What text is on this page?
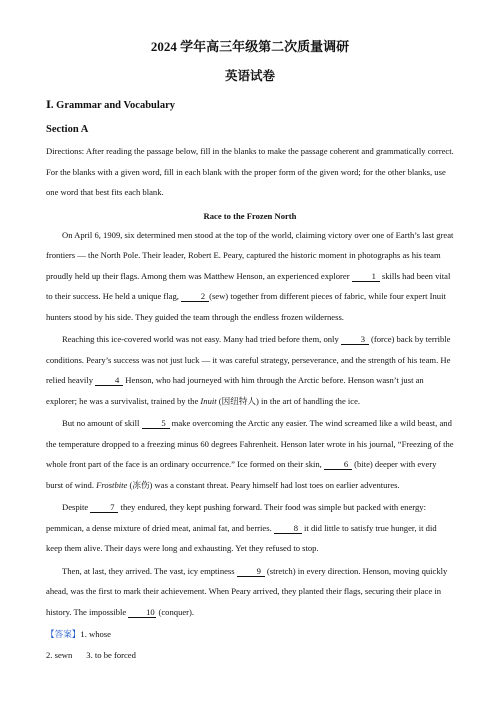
2024 学年高三年级第二次质量调研
英语试卷
Ⅰ. Grammar and Vocabulary
Section A
Directions: After reading the passage below, fill in the blanks to make the passage coherent and grammatically correct. For the blanks with a given word, fill in each blank with the proper form of the given word; for the other blanks, use one word that best fits each blank.
Race to the Frozen North

On April 6, 1909, six determined men stood at the top of the world, claiming victory over one of Earth’s last great frontiers — the North Pole. Their leader, Robert E. Peary, captured the historic moment in photographs as his team proudly held up their flags. Among them was Matthew Henson, an experienced explorer 1 skills had been vital to their success. He held a unique flag, 2 (sew) together from different pieces of fabric, while four expert Inuit hunters stood by his side. They guided the team through the endless frozen wilderness.

Reaching this ice-covered world was not easy. Many had tried before them, only 3 (force) back by terrible conditions. Peary’s success was not just luck — it was careful strategy, perseverance, and the strength of his team. He relied heavily 4 Henson, who had journeyed with him through the Arctic before. Henson wasn’t just an explorer; he was a survivalist, trained by the Inuit (因纽特人) in the art of handling the ice.

But no amount of skill 5 make overcoming the Arctic any easier. The wind screamed like a wild beast, and the temperature dropped to a freezing minus 60 degrees Fahrenheit. Henson later wrote in his journal, “Freezing of the whole front part of the face is an ordinary occurrence.” Ice formed on their skin, 6 (bite) deeper with every burst of wind. Frostbite (冻伤) was a constant threat. Peary himself had lost toes on earlier adventures.

Despite 7 they endured, they kept pushing forward. Their food was simple but packed with energy: pemmican, a dense mixture of dried meat, animal fat, and berries. 8 it did little to satisfy true hunger, it did keep them alive. Their days were long and exhausting. Yet they refused to stop.

Then, at last, they arrived. The vast, icy emptiness 9 (stretch) in every direction. Henson, moving quickly ahead, was the first to mark their achievement. When Peary arrived, they planted their flags, securing their place in history. The impossible 10 (conquer).

【答案】1. whose
2. sewn 3. to be forced
